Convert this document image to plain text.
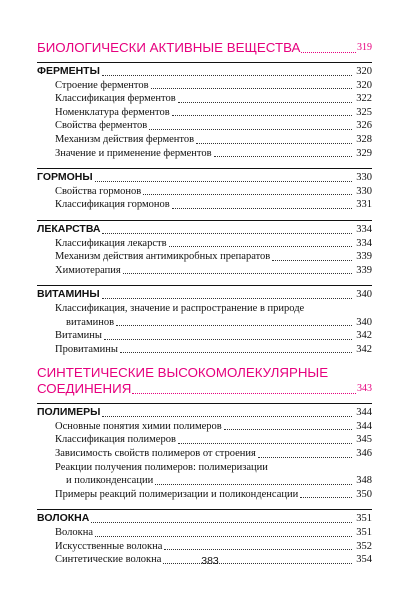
БИОЛОГИЧЕСКИ АКТИВНЫЕ ВЕЩЕСТВА	319
ФЕРМЕНТЫ	320
Строение ферментов	320
Классификация ферментов	322
Номенклатура ферментов	325
Свойства ферментов	326
Механизм действия ферментов	328
Значение и применение ферментов	329
ГОРМОНЫ	330
Свойства гормонов	330
Классификация гормонов	331
ЛЕКАРСТВА	334
Классификация лекарств	334
Механизм действия антимикробных препаратов	339
Химиотерапия	339
ВИТАМИНЫ	340
Классификация, значение и распространение в природе
витаминов	340
Витамины	342
Провитамины	342
СИНТЕТИЧЕСКИЕ ВЫСОКОМОЛЕКУЛЯРНЫЕ
СОЕДИНЕНИЯ	343
ПОЛИМЕРЫ	344
Основные понятия химии полимеров	344
Классификация полимеров	345
Зависимость свойств полимеров от строения	346
Реакции получения полимеров: полимеризации
и поликонденсации	348
Примеры реакций полимеризации и поликонденсации	350
ВОЛОКНА	351
Волокна	351
Искусственные волокна	352
Синтетические волокна	354
383
